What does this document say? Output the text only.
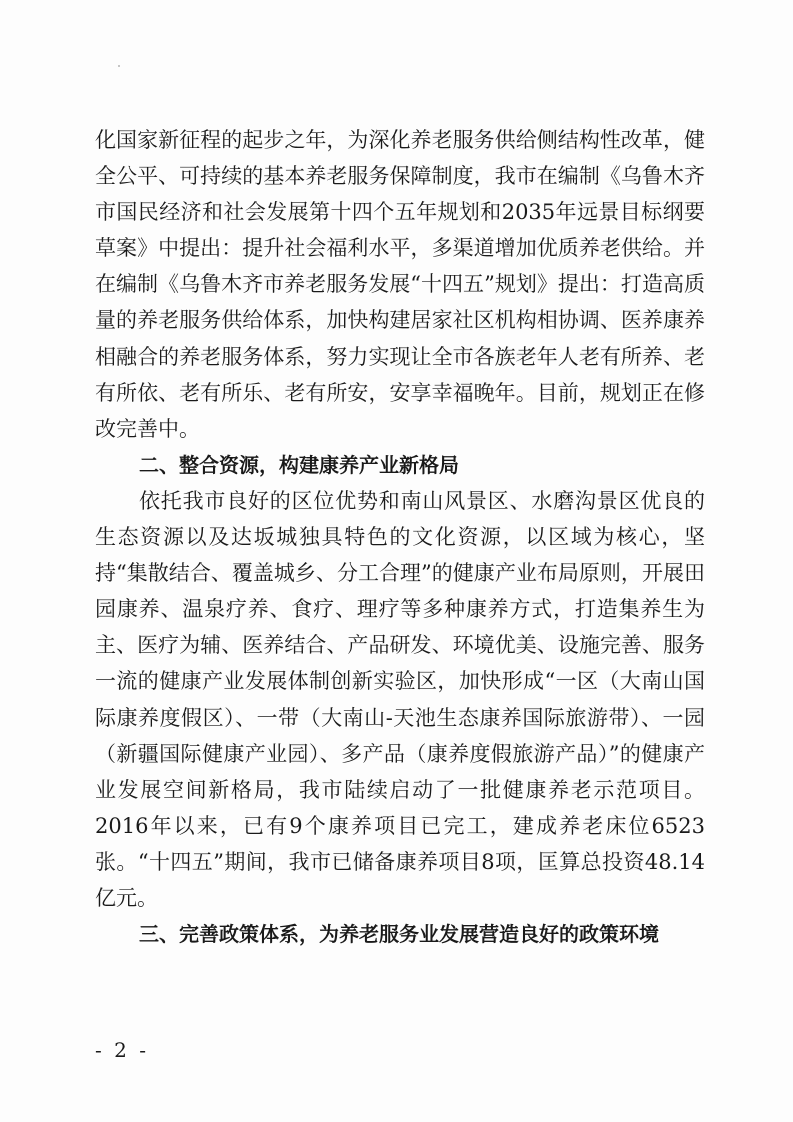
化国家新征程的起步之年，为深化养老服务供给侧结构性改革，健全公平、可持续的基本养老服务保障制度，我市在编制《乌鲁木齐市国民经济和社会发展第十四个五年规划和2035年远景目标纲要草案》中提出：提升社会福利水平，多渠道增加优质养老供给。并在编制《乌鲁木齐市养老服务发展“十四五”规划》提出：打造高质量的养老服务供给体系，加快构建居家社区机构相协调、医养康养相融合的养老服务体系，努力实现让全市各族老年人老有所养、老有所依、老有所乐、老有所安，安享幸福晚年。目前，规划正在修改完善中。

二、整合资源，构建康养产业新格局

依托我市良好的区位优势和南山风景区、水磨沟景区优良的生态资源以及达坂城独具特色的文化资源，以区域为核心，坚持“集散结合、覆盖城乡、分工合理”的健康产业布局原则，开展田园康养、温泉疗养、食疗、理疗等多种康养方式，打造集养生为主、医疗为辅、医养结合、产品研发、环境优美、设施完善、服务一流的健康产业发展体制创新实验区，加快形成“一区（大南山国际康养度假区）、一带（大南山-天池生态康养国际旅游带）、一园（新疆国际健康产业园）、多产品（康养度假旅游产品）”的健康产业发展空间新格局，我市陆续启动了一批健康养老示范项目。2016年以来，已有9个康养项目已完工，建成养老床位6523张。“十四五”期间，我市已储备康养项目8项，匡算总投资48.14亿元。

三、完善政策体系，为养老服务业发展营造良好的政策环境

- 2 -
